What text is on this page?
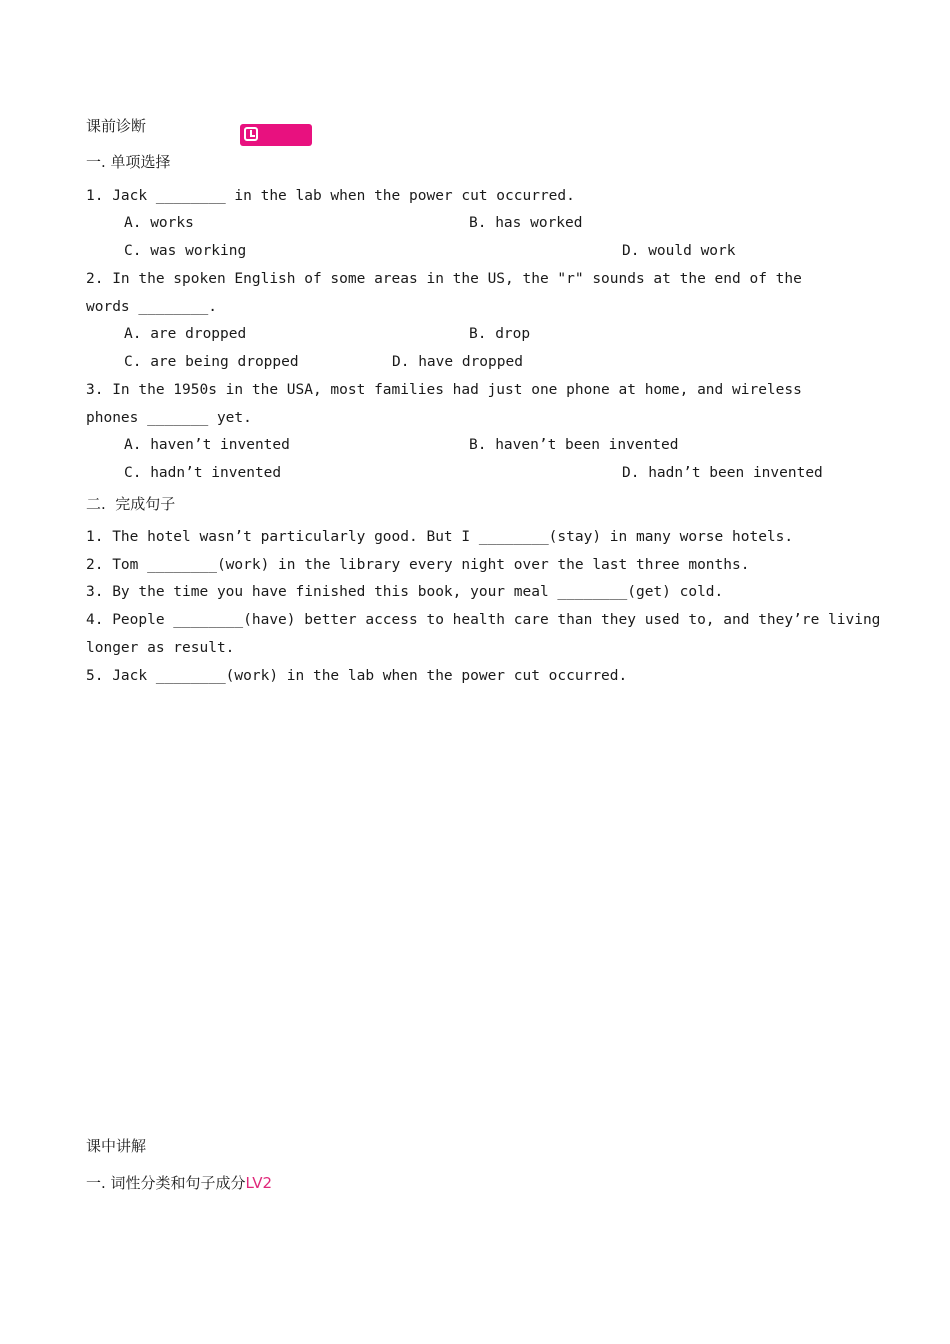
课前诊断
一. 单项选择
1. Jack ________ in the lab when the power cut occurred.
A. works	B. has worked
C. was working	D. would work
2. In the spoken English of some areas in the US, the "r" sounds at the end of the
words ________.
A. are dropped	B. drop
C. are being dropped	D. have dropped
3. In the 1950s in the USA, most families had just one phone at home, and wireless
phones _______ yet.
A. haven’t invented	B. haven’t been invented
C. hadn’t invented	D. hadn’t been invented
二.  完成句子
1. The hotel wasn’t particularly good. But I ________(stay) in many worse hotels.
2. Tom ________(work) in the library every night over the last three months.
3. By the time you have finished this book, your meal ________(get) cold.
4. People ________(have) better access to health care than they used to, and they’re living
longer as result.
5. Jack ________(work) in the lab when the power cut occurred.
课中讲解
一. 词性分类和句子成分LV2
